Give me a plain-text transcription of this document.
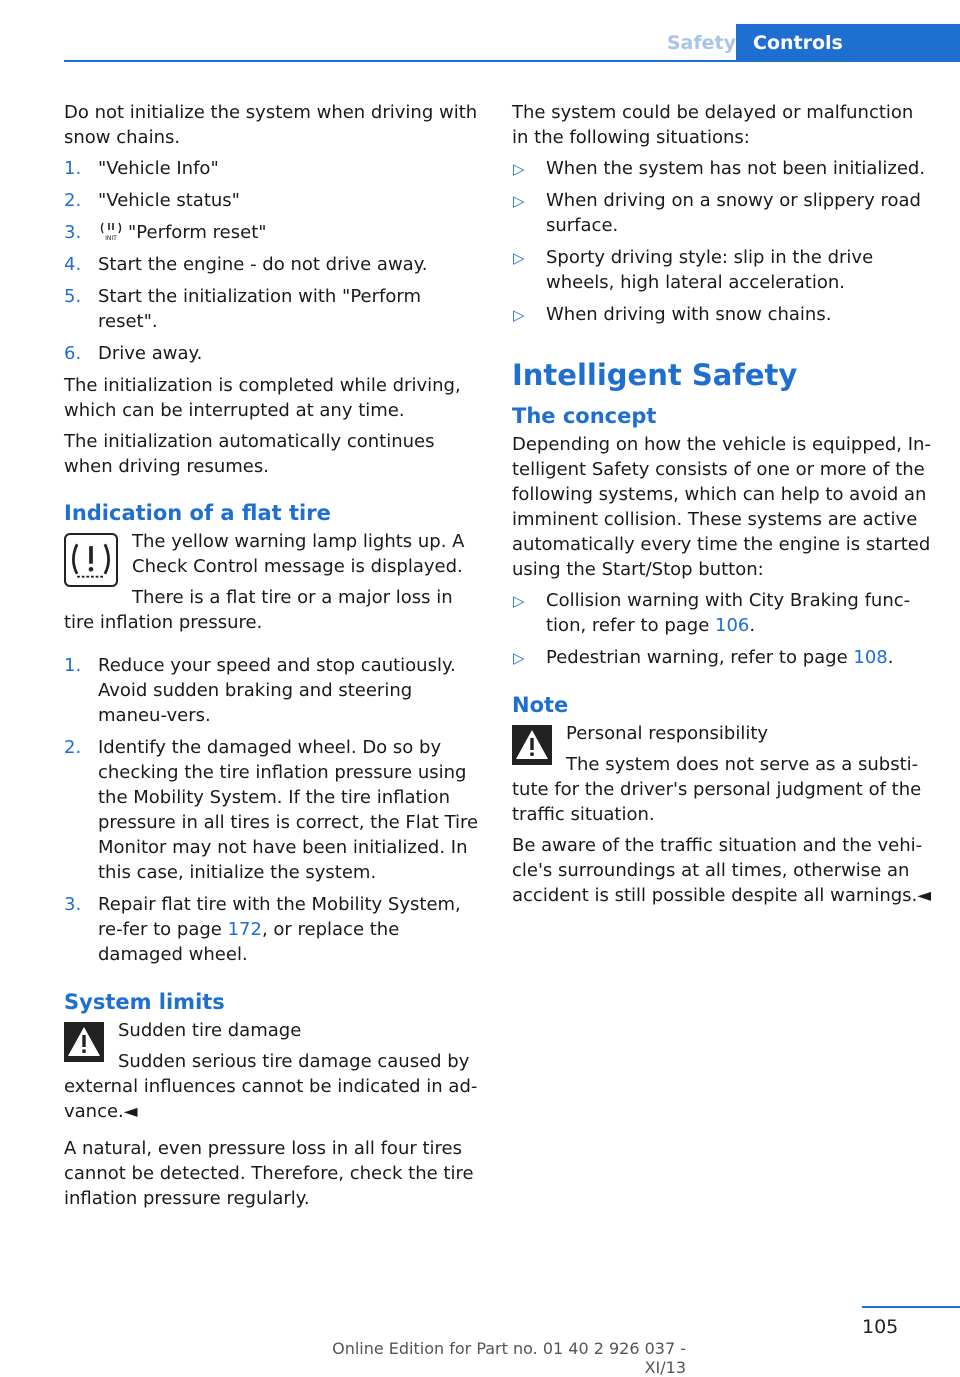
Safety Controls

Do not initialize the system when driving with snow chains.

1. "Vehicle Info"
2. "Vehicle status"
3.	INIT "Perform reset"
4. Start the engine - do not drive away.
5. Start the initialization with "Perform reset".
6. Drive away.

The initialization is completed while driving, which can be interrupted at any time.

The initialization automatically continues when driving resumes.

Indication of a flat tire

The yellow warning lamp lights up. A Check Control message is displayed.

There is a flat tire or a major loss in tire inflation pressure.

1. Reduce your speed and stop cautiously. Avoid sudden braking and steering maneu‐vers.
2. Identify the damaged wheel. Do so by checking the tire inflation pressure using the Mobility System. If the tire inflation pressure in all tires is correct, the Flat Tire Monitor may not have been initialized. In this case, initialize the system.
3. Repair flat tire with the Mobility System, re‐fer to page 172, or replace the damaged wheel.
System limits

Sudden tire damage

Sudden serious tire damage caused by external influences cannot be indicated in ad‐vance.◄

A natural, even pressure loss in all four tires cannot be detected. Therefore, check the tire inflation pressure regularly.

The system could be delayed or malfunction in the following situations:

▷ When the system has not been initialized.
▷ When driving on a snowy or slippery road surface.
▷ Sporty driving style: slip in the drive wheels, high lateral acceleration.
▷ When driving with snow chains.
Intelligent Safety
The concept

Depending on how the vehicle is equipped, In‐telligent Safety consists of one or more of the following systems, which can help to avoid an imminent collision. These systems are active automatically every time the engine is started using the Start/Stop button:

▷ Collision warning with City Braking func‐tion, refer to page 106.
▷ Pedestrian warning, refer to page 108.
Note

Personal responsibility

The system does not serve as a substi‐tute for the driver's personal judgment of the traffic situation.

Be aware of the traffic situation and the vehi‐cle's surroundings at all times, otherwise an accident is still possible despite all warnings.◄

105
Online Edition for Part no. 01 40 2 926 037 - XI/13
